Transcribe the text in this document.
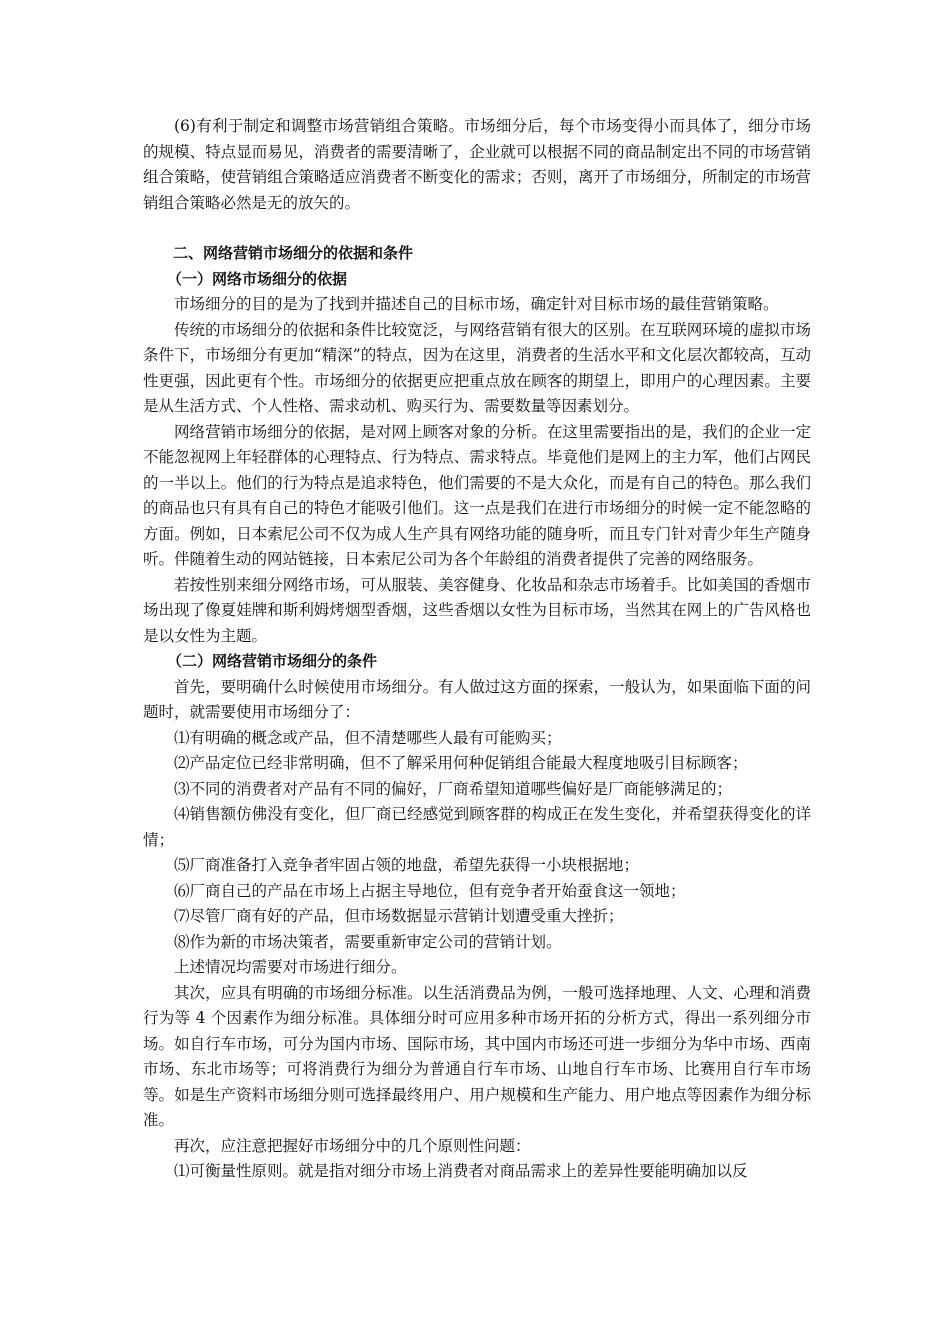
(6)有利于制定和调整市场营销组合策略。市场细分后，每个市场变得小而具体了，细分市场的规模、特点显而易见，消费者的需要清晰了，企业就可以根据不同的商品制定出不同的市场营销组合策略，使营销组合策略适应消费者不断变化的需求；否则，离开了市场细分，所制定的市场营销组合策略必然是无的放矢的。

二、网络营销市场细分的依据和条件

（一）网络市场细分的依据

市场细分的目的是为了找到并描述自己的目标市场，确定针对目标市场的最佳营销策略。

传统的市场细分的依据和条件比较宽泛，与网络营销有很大的区别。在互联网环境的虚拟市场条件下，市场细分有更加“精深”的特点，因为在这里，消费者的生活水平和文化层次都较高，互动性更强，因此更有个性。市场细分的依据更应把重点放在顾客的期望上，即用户的心理因素。主要是从生活方式、个人性格、需求动机、购买行为、需要数量等因素划分。

网络营销市场细分的依据，是对网上顾客对象的分析。在这里需要指出的是，我们的企业一定不能忽视网上年轻群体的心理特点、行为特点、需求特点。毕竟他们是网上的主力军，他们占网民的一半以上。他们的行为特点是追求特色，他们需要的不是大众化，而是有自己的特色。那么我们的商品也只有具有自己的特色才能吸引他们。这一点是我们在进行市场细分的时候一定不能忽略的方面。例如，日本索尼公司不仅为成人生产具有网络功能的随身听，而且专门针对青少年生产随身听。伴随着生动的网站链接，日本索尼公司为各个年龄组的消费者提供了完善的网络服务。

若按性别来细分网络市场，可从服装、美容健身、化妆品和杂志市场着手。比如美国的香烟市场出现了像夏娃牌和斯利姆烤烟型香烟，这些香烟以女性为目标市场，当然其在网上的广告风格也是以女性为主题。

（二）网络营销市场细分的条件

首先，要明确什么时候使用市场细分。有人做过这方面的探索，一般认为，如果面临下面的问题时，就需要使用市场细分了：

⑴有明确的概念或产品，但不清楚哪些人最有可能购买；

⑵产品定位已经非常明确，但不了解采用何种促销组合能最大程度地吸引目标顾客；

⑶不同的消费者对产品有不同的偏好，厂商希望知道哪些偏好是厂商能够满足的；

⑷销售额仿佛没有变化，但厂商已经感觉到顾客群的构成正在发生变化，并希望获得变化的详情；

⑸厂商准备打入竞争者牢固占领的地盘，希望先获得一小块根据地；

⑹厂商自己的产品在市场上占据主导地位，但有竞争者开始蚕食这一领地；

⑺尽管厂商有好的产品，但市场数据显示营销计划遭受重大挫折；

⑻作为新的市场决策者，需要重新审定公司的营销计划。

上述情况均需要对市场进行细分。

其次，应具有明确的市场细分标准。以生活消费品为例，一般可选择地理、人文、心理和消费行为等 4 个因素作为细分标准。具体细分时可应用多种市场开拓的分析方式，得出一系列细分市场。如自行车市场，可分为国内市场、国际市场，其中国内市场还可进一步细分为华中市场、西南市场、东北市场等；可将消费行为细分为普通自行车市场、山地自行车市场、比赛用自行车市场等。如是生产资料市场细分则可选择最终用户、用户规模和生产能力、用户地点等因素作为细分标准。

再次，应注意把握好市场细分中的几个原则性问题：

⑴可衡量性原则。就是指对细分市场上消费者对商品需求上的差异性要能明确加以反
